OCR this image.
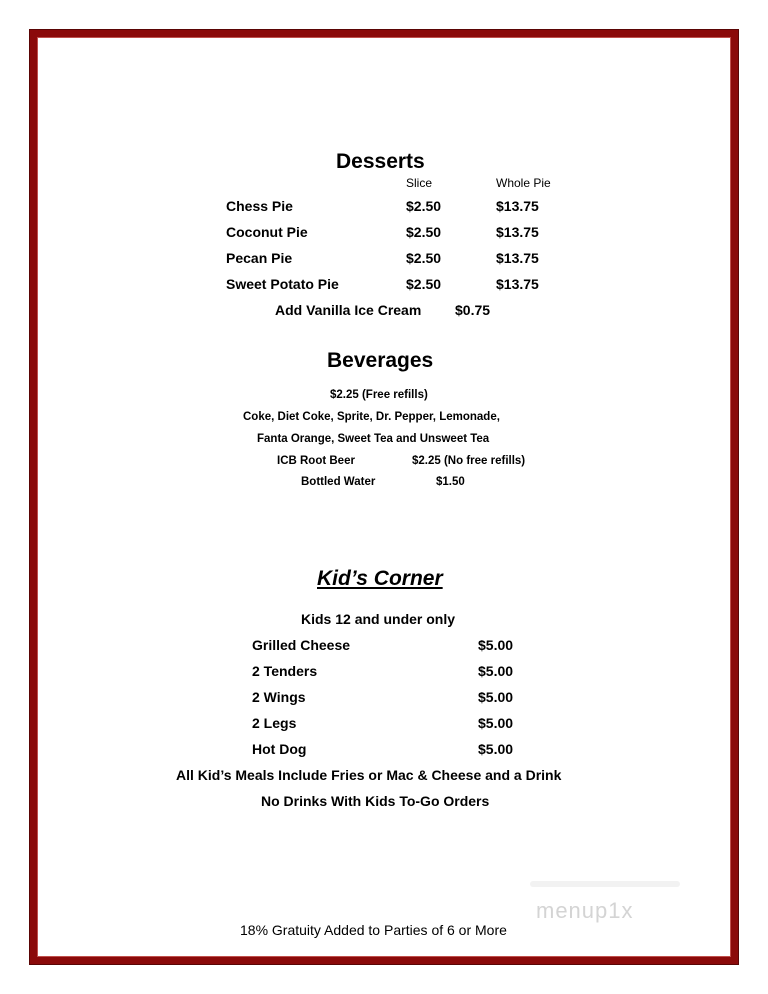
Desserts
Slice	Whole Pie
Chess Pie	$2.50	$13.75
Coconut Pie	$2.50	$13.75
Pecan Pie	$2.50	$13.75
Sweet Potato Pie	$2.50	$13.75
Add Vanilla Ice Cream $0.75
Beverages
$2.25 (Free refills)
Coke, Diet Coke, Sprite, Dr. Pepper, Lemonade,
Fanta Orange, Sweet Tea and Unsweet Tea
ICB Root Beer	$2.25 (No free refills)
Bottled Water	$1.50
Kid’s Corner
Kids 12 and under only
Grilled Cheese	$5.00
2 Tenders	$5.00
2 Wings	$5.00
2 Legs	$5.00
Hot Dog	$5.00
All Kid’s Meals Include Fries or Mac & Cheese and a Drink
No Drinks With Kids To-Go Orders
menup1x
18% Gratuity Added to Parties of 6 or More
